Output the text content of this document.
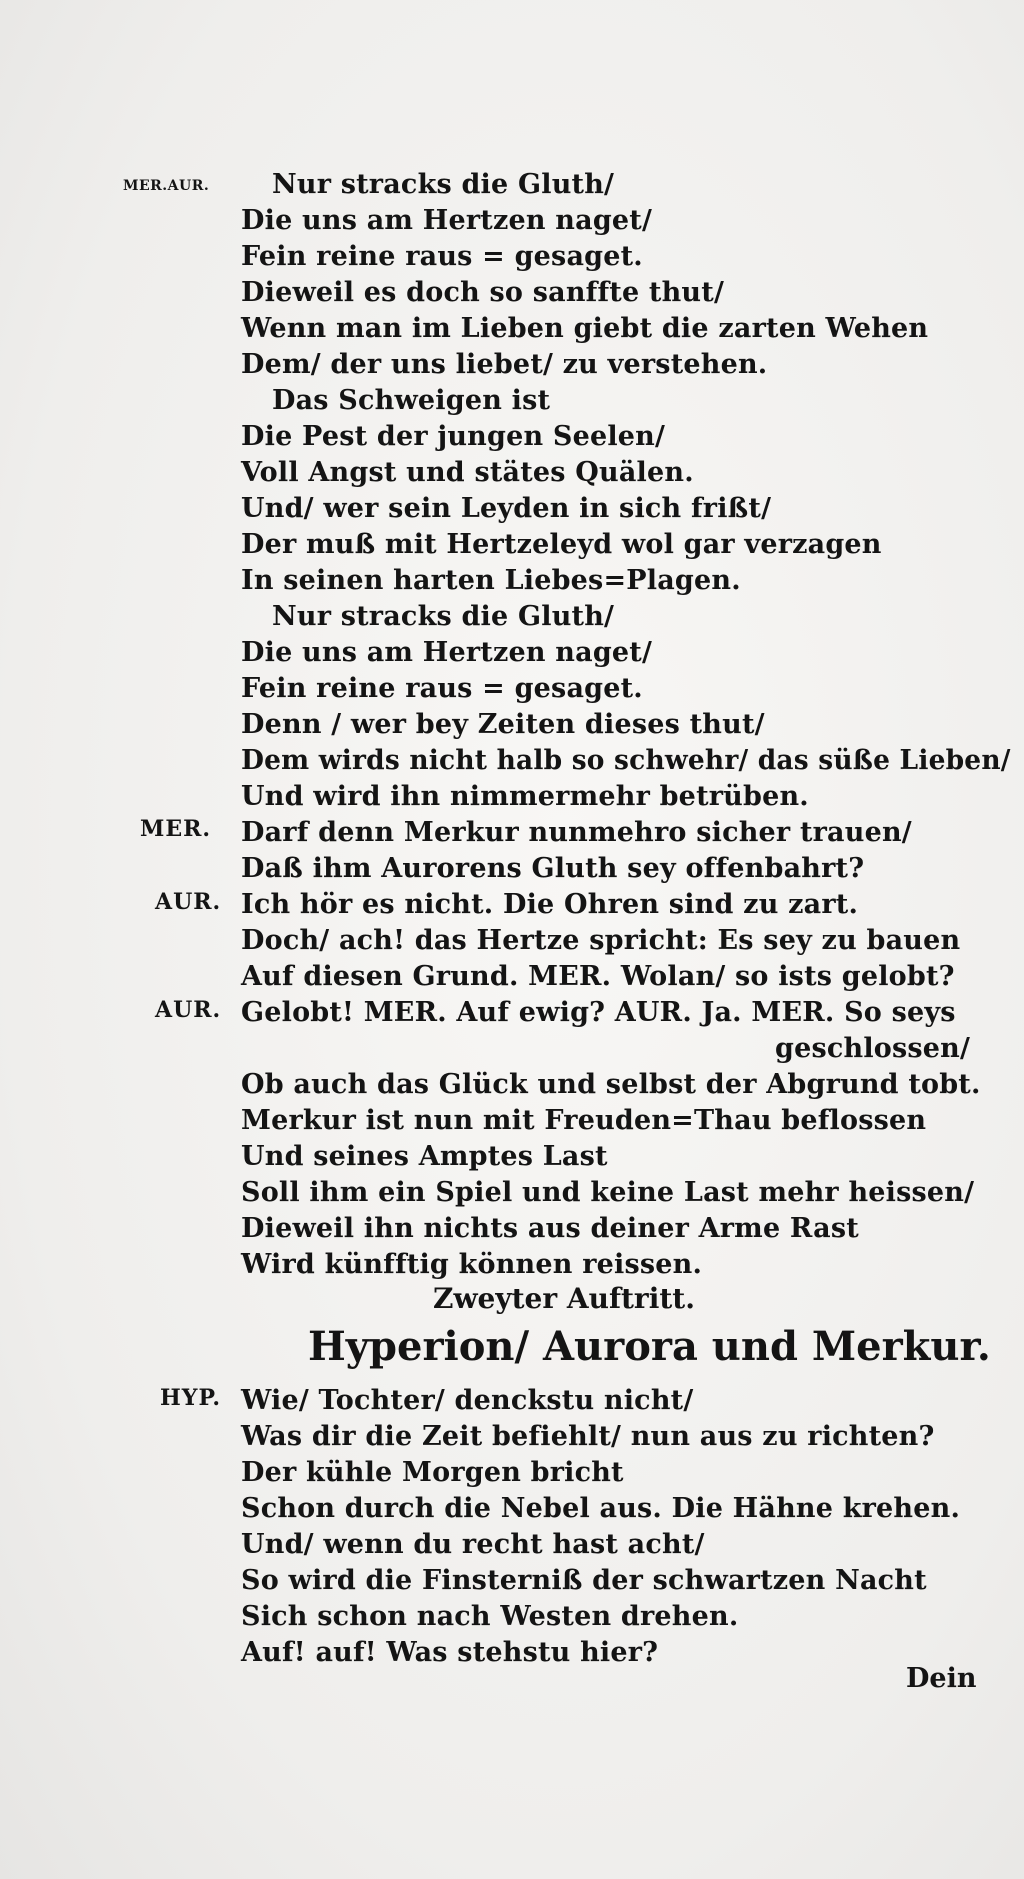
MER.AUR.
MER.
AUR.
AUR.
HYP.
Nur stracks die Gluth/
Die uns am Hertzen naget/
Fein reine raus = gesaget.
Dieweil es doch so sanffte thut/
Wenn man im Lieben giebt die zarten Wehen
Dem/ der uns liebet/ zu verstehen.
Das Schweigen ist
Die Pest der jungen Seelen/
Voll Angst und stätes Quälen.
Und/ wer sein Leyden in sich frißt/
Der muß mit Hertzeleyd wol gar verzagen
In seinen harten Liebes=Plagen.
Nur stracks die Gluth/
Die uns am Hertzen naget/
Fein reine raus = gesaget.
Denn / wer bey Zeiten dieses thut/
Dem wirds nicht halb so schwehr/ das süße Lieben/
Und wird ihn nimmermehr betrüben.
Darf denn Merkur nunmehro sicher trauen/
Daß ihm Aurorens Gluth sey offenbahrt?
Ich hör es nicht. Die Ohren sind zu zart.
Doch/ ach! das Hertze spricht: Es sey zu bauen
Auf diesen Grund. MER. Wolan/ so ists gelobt?
Gelobt! MER. Auf ewig? AUR. Ja. MER. So seys
geschlossen/
Ob auch das Glück und selbst der Abgrund tobt.
Merkur ist nun mit Freuden=Thau beflossen
Und seines Amptes Last
Soll ihm ein Spiel und keine Last mehr heissen/
Dieweil ihn nichts aus deiner Arme Rast
Wird künfftig können reissen.
Zweyter Auftritt.
Hyperion/ Aurora und Merkur.
Wie/ Tochter/ denckstu nicht/
Was dir die Zeit befiehlt/ nun aus zu richten?
Der kühle Morgen bricht
Schon durch die Nebel aus. Die Hähne krehen.
Und/ wenn du recht hast acht/
So wird die Finsterniß der schwartzen Nacht
Sich schon nach Westen drehen.
Auf! auf! Was stehstu hier?
Dein
